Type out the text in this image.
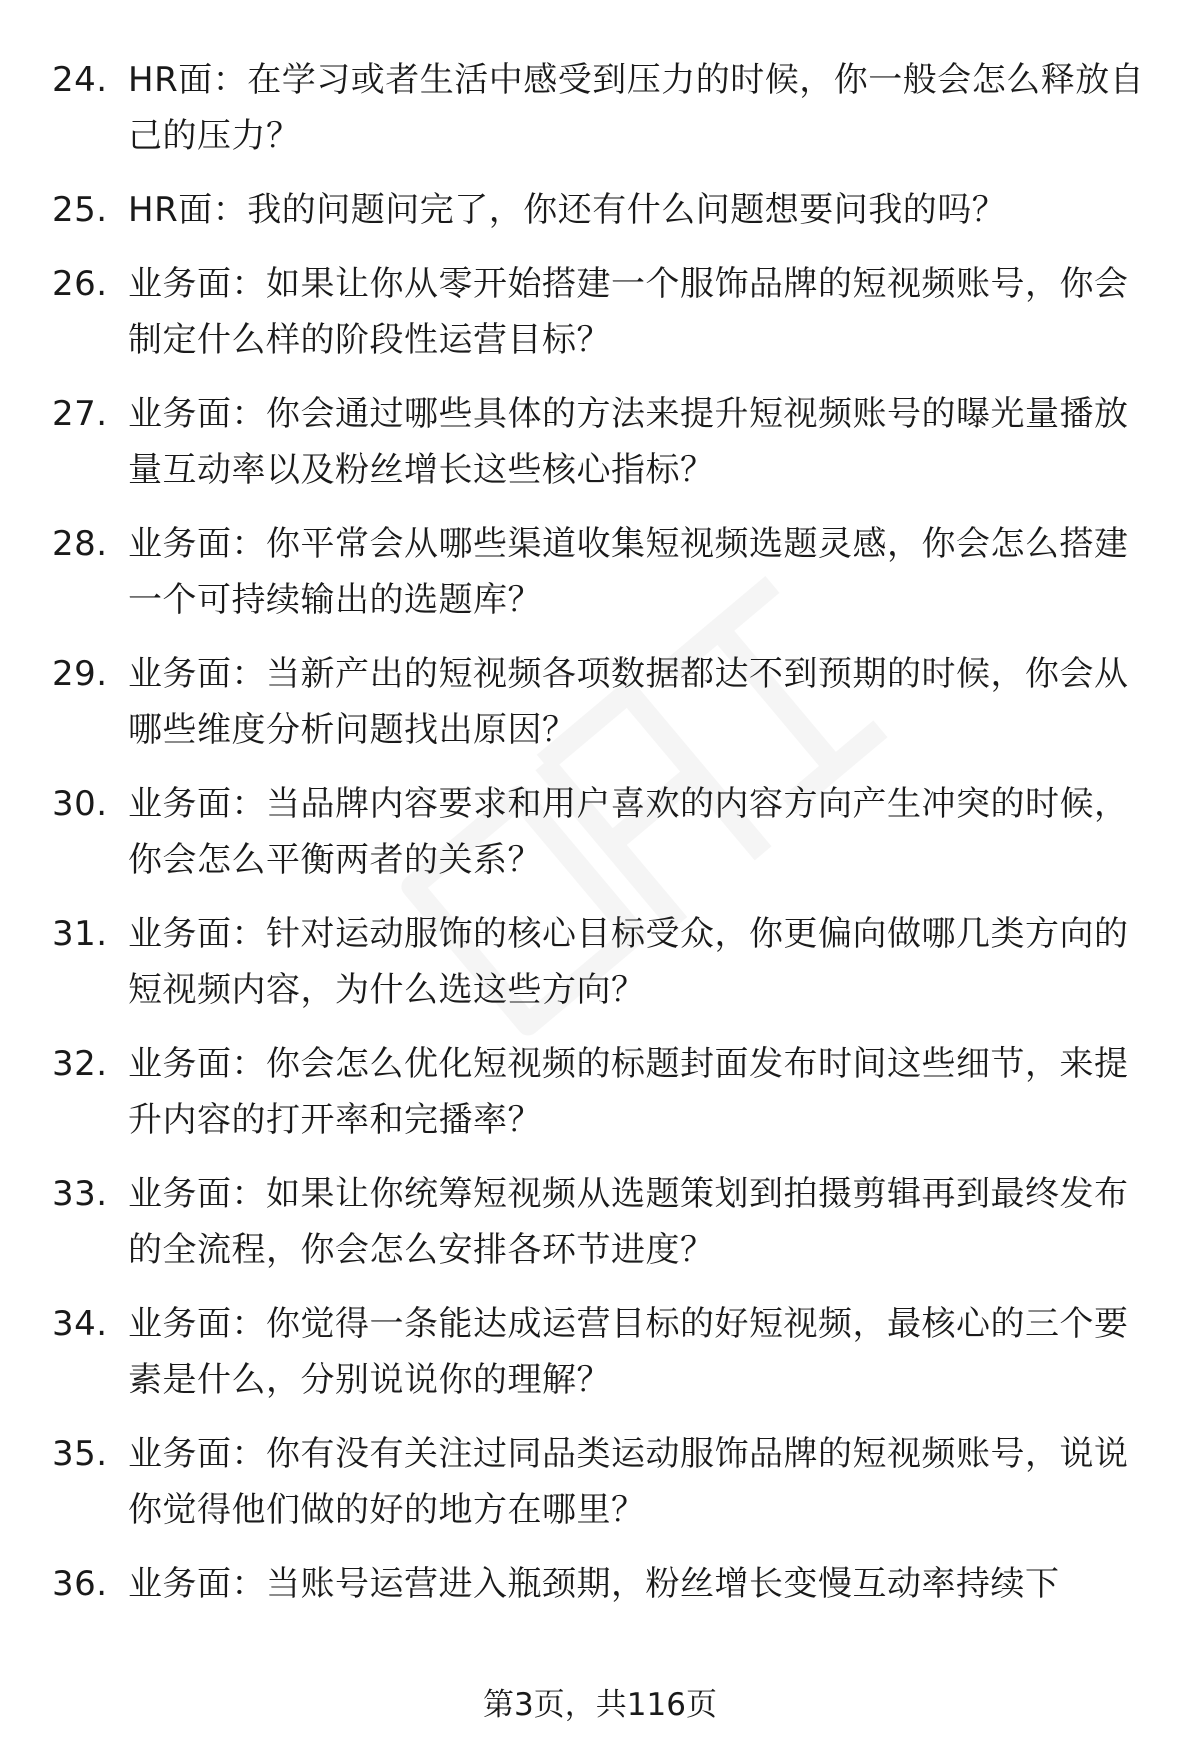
24. HR面：在学习或者生活中感受到压力的时候，你一般会怎么释放自己的压力？
25. HR面：我的问题问完了，你还有什么问题想要问我的吗？
26. 业务面：如果让你从零开始搭建一个服饰品牌的短视频账号，你会制定什么样的阶段性运营目标？
27. 业务面：你会通过哪些具体的方法来提升短视频账号的曝光量播放量互动率以及粉丝增长这些核心指标？
28. 业务面：你平常会从哪些渠道收集短视频选题灵感，你会怎么搭建一个可持续输出的选题库？
29. 业务面：当新产出的短视频各项数据都达不到预期的时候，你会从哪些维度分析问题找出原因？
30. 业务面：当品牌内容要求和用户喜欢的内容方向产生冲突的时候，你会怎么平衡两者的关系？
31. 业务面：针对运动服饰的核心目标受众，你更偏向做哪几类方向的短视频内容，为什么选这些方向？
32. 业务面：你会怎么优化短视频的标题封面发布时间这些细节，来提升内容的打开率和完播率？
33. 业务面：如果让你统筹短视频从选题策划到拍摄剪辑再到最终发布的全流程，你会怎么安排各环节进度？
34. 业务面：你觉得一条能达成运营目标的好短视频，最核心的三个要素是什么，分别说说你的理解？
35. 业务面：你有没有关注过同品类运动服饰品牌的短视频账号，说说你觉得他们做的好的地方在哪里？
36. 业务面：当账号运营进入瓶颈期，粉丝增长变慢互动率持续下
第3页，共116页
